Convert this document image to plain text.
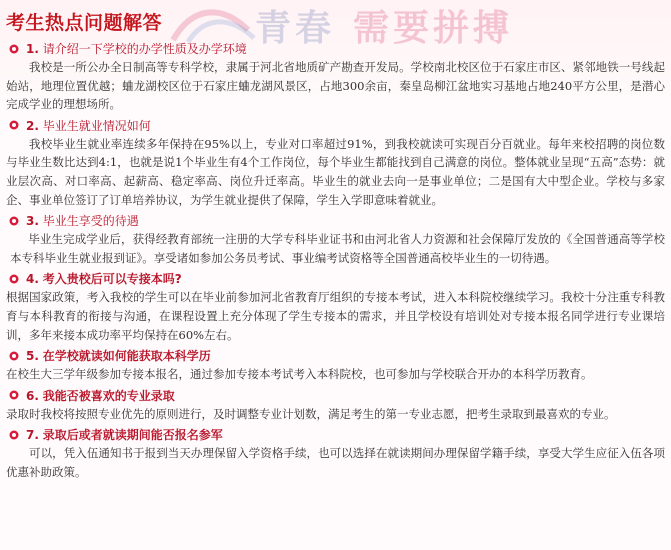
考生热点问题解答	青春 需要拼搏
1. 请介绍一下学校的办学性质及办学环境
我校是一所公办全日制高等专科学校，隶属于河北省地质矿产勘查开发局。学校南北校区位于石家庄市区、紧邻地铁一号线起始站，地理位置优越；蛐龙湖校区位于石家庄蛐龙湖风景区，占地300余亩，秦皇岛柳江盆地实习基地占地240平方公里，是潜心完成学业的理想场所。
2. 毕业生就业情况如何
我校毕业生就业率连续多年保持在95%以上，专业对口率超过91%，到我校就读可实现百分百就业。每年来校招聘的岗位数与毕业生数比达到4:1，也就是说1个毕业生有4个工作岗位，每个毕业生都能找到自己满意的岗位。整体就业呈现“五高”态势：就业层次高、对口率高、起薪高、稳定率高、岗位升迁率高。毕业生的就业去向一是事业单位；二是国有大中型企业。学校与多家企、事业单位签订了订单培养协议，为学生就业提供了保障，学生入学即意味着就业。
3. 毕业生享受的待遇
毕业生完成学业后，获得经教育部统一注册的大学专科毕业证书和由河北省人力资源和社会保障厅发放的《全国普通高等学校本专科毕业生就业报到证》。享受诸如参加公务员考试、事业编考试资格等全国普通高校毕业生的一切待遇。
4. 考入贵校后可以专接本吗?
根据国家政策，考入我校的学生可以在毕业前参加河北省教育厅组织的专接本考试，进入本科院校继续学习。我校十分注重专科教育与本科教育的衔接与沟通，在课程设置上充分体现了学生专接本的需求，并且学校设有培训处对专接本报名同学进行专业课培训，多年来接本成功率平均保持在60%左右。
5. 在学校就读如何能获取本科学历
在校生大三学年级参加专接本报名，通过参加专接本考试考入本科院校，也可参加与学校联合开办的本科学历教育。
6. 我能否被喜欢的专业录取
录取时我校将按照专业优先的原则进行，及时调整专业计划数，满足考生的第一专业志愿，把考生录取到最喜欢的专业。
7. 录取后或者就读期间能否报名参军
可以，凭入伍通知书于报到当天办理保留入学资格手续，也可以选择在就读期间办理保留学籍手续，享受大学生应征入伍各项优惠补助政策。
